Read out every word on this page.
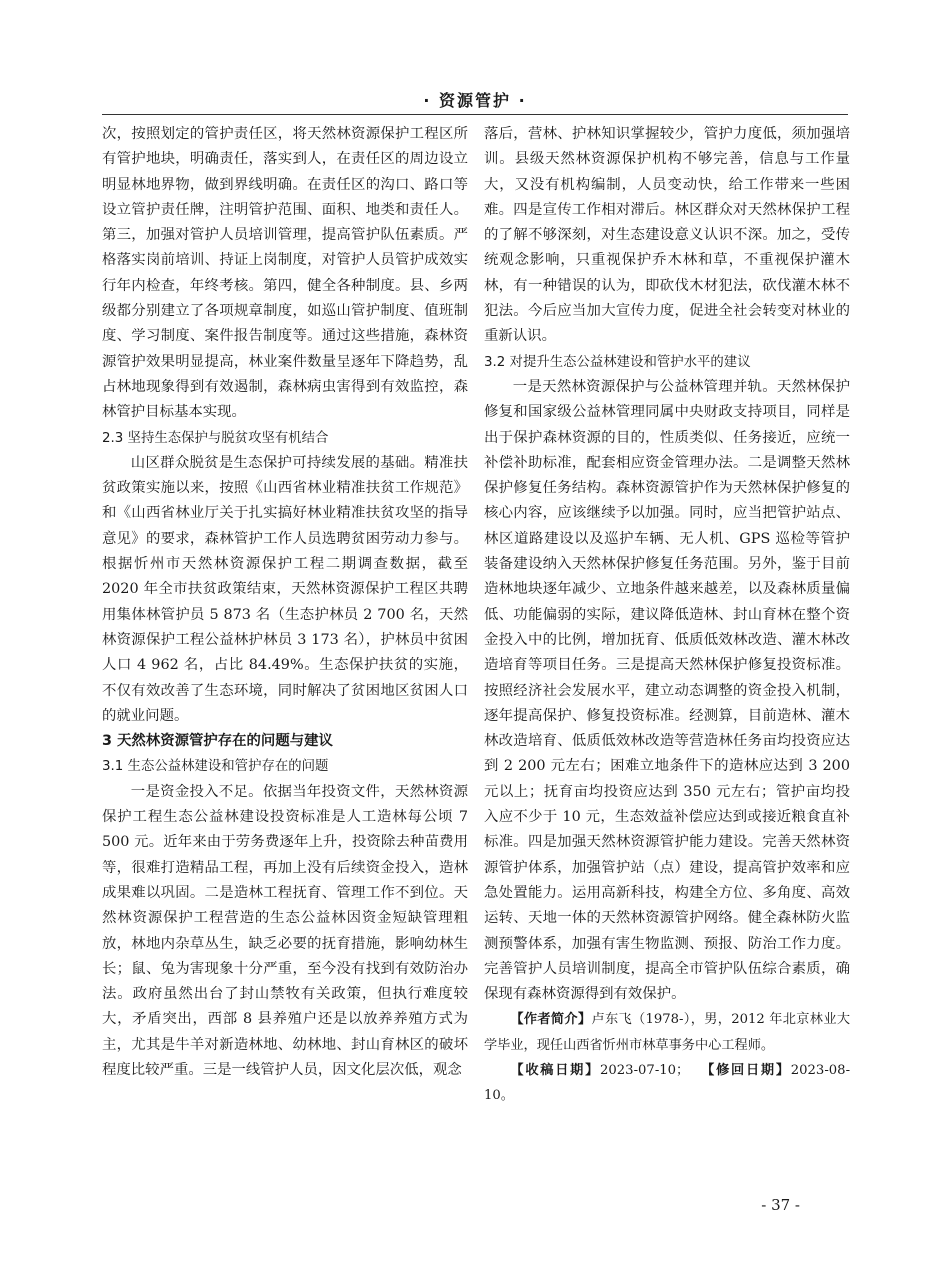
· 资源管护 ·

次，按照划定的管护责任区，将天然林资源保护工程区所有管护地块，明确责任，落实到人，在责任区的周边设立明显林地界物，做到界线明确。在责任区的沟口、路口等设立管护责任牌，注明管护范围、面积、地类和责任人。第三，加强对管护人员培训管理，提高管护队伍素质。严格落实岗前培训、持证上岗制度，对管护人员管护成效实行年内检查，年终考核。第四，健全各种制度。县、乡两级都分别建立了各项规章制度，如巡山管护制度、值班制度、学习制度、案件报告制度等。通过这些措施，森林资源管护效果明显提高，林业案件数量呈逐年下降趋势，乱占林地现象得到有效遏制，森林病虫害得到有效监控，森林管护目标基本实现。

2.3 坚持生态保护与脱贫攻坚有机结合

山区群众脱贫是生态保护可持续发展的基础。精准扶贫政策实施以来，按照《山西省林业精准扶贫工作规范》和《山西省林业厅关于扎实搞好林业精准扶贫攻坚的指导意见》的要求，森林管护工作人员选聘贫困劳动力参与。根据忻州市天然林资源保护工程二期调查数据，截至 2020 年全市扶贫政策结束，天然林资源保护工程区共聘用集体林管护员 5 873 名（生态护林员 2 700 名，天然林资源保护工程公益林护林员 3 173 名），护林员中贫困人口 4 962 名，占比 84.49%。生态保护扶贫的实施，不仅有效改善了生态环境，同时解决了贫困地区贫困人口的就业问题。

3 天然林资源管护存在的问题与建议

3.1 生态公益林建设和管护存在的问题

一是资金投入不足。依据当年投资文件，天然林资源保护工程生态公益林建设投资标准是人工造林每公顷 7 500 元。近年来由于劳务费逐年上升，投资除去种苗费用等，很难打造精品工程，再加上没有后续资金投入，造林成果难以巩固。二是造林工程抚育、管理工作不到位。天然林资源保护工程营造的生态公益林因资金短缺管理粗放，林地内杂草丛生，缺乏必要的抚育措施，影响幼林生长；鼠、兔为害现象十分严重，至今没有找到有效防治办法。政府虽然出台了封山禁牧有关政策，但执行难度较大，矛盾突出，西部 8 县养殖户还是以放养养殖方式为主，尤其是牛羊对新造林地、幼林地、封山育林区的破坏程度比较严重。三是一线管护人员，因文化层次低，观念

落后，营林、护林知识掌握较少，管护力度低，须加强培训。县级天然林资源保护机构不够完善，信息与工作量大，又没有机构编制，人员变动快，给工作带来一些困难。四是宣传工作相对滞后。林区群众对天然林保护工程的了解不够深刻，对生态建设意义认识不深。加之，受传统观念影响，只重视保护乔木林和草，不重视保护灌木林，有一种错误的认为，即砍伐木材犯法，砍伐灌木林不犯法。今后应当加大宣传力度，促进全社会转变对林业的重新认识。

3.2 对提升生态公益林建设和管护水平的建议

一是天然林资源保护与公益林管理并轨。天然林保护修复和国家级公益林管理同属中央财政支持项目，同样是出于保护森林资源的目的，性质类似、任务接近，应统一补偿补助标准，配套相应资金管理办法。二是调整天然林保护修复任务结构。森林资源管护作为天然林保护修复的核心内容，应该继续予以加强。同时，应当把管护站点、林区道路建设以及巡护车辆、无人机、GPS 巡检等管护装备建设纳入天然林保护修复任务范围。另外，鉴于目前造林地块逐年减少、立地条件越来越差，以及森林质量偏低、功能偏弱的实际，建议降低造林、封山育林在整个资金投入中的比例，增加抚育、低质低效林改造、灌木林改造培育等项目任务。三是提高天然林保护修复投资标准。按照经济社会发展水平，建立动态调整的资金投入机制，逐年提高保护、修复投资标准。经测算，目前造林、灌木林改造培育、低质低效林改造等营造林任务亩均投资应达到 2 200 元左右；困难立地条件下的造林应达到 3 200 元以上；抚育亩均投资应达到 350 元左右；管护亩均投入应不少于 10 元，生态效益补偿应达到或接近粮食直补标准。四是加强天然林资源管护能力建设。完善天然林资源管护体系，加强管护站（点）建设，提高管护效率和应急处置能力。运用高新科技，构建全方位、多角度、高效运转、天地一体的天然林资源管护网络。健全森林防火监测预警体系，加强有害生物监测、预报、防治工作力度。完善管护人员培训制度，提高全市管护队伍综合素质，确保现有森林资源得到有效保护。

【作者简介】卢东飞（1978-），男，2012 年北京林业大学毕业，现任山西省忻州市林草事务中心工程师。

【收稿日期】2023-07-10； 【修回日期】2023-08-10。

- 37 -
